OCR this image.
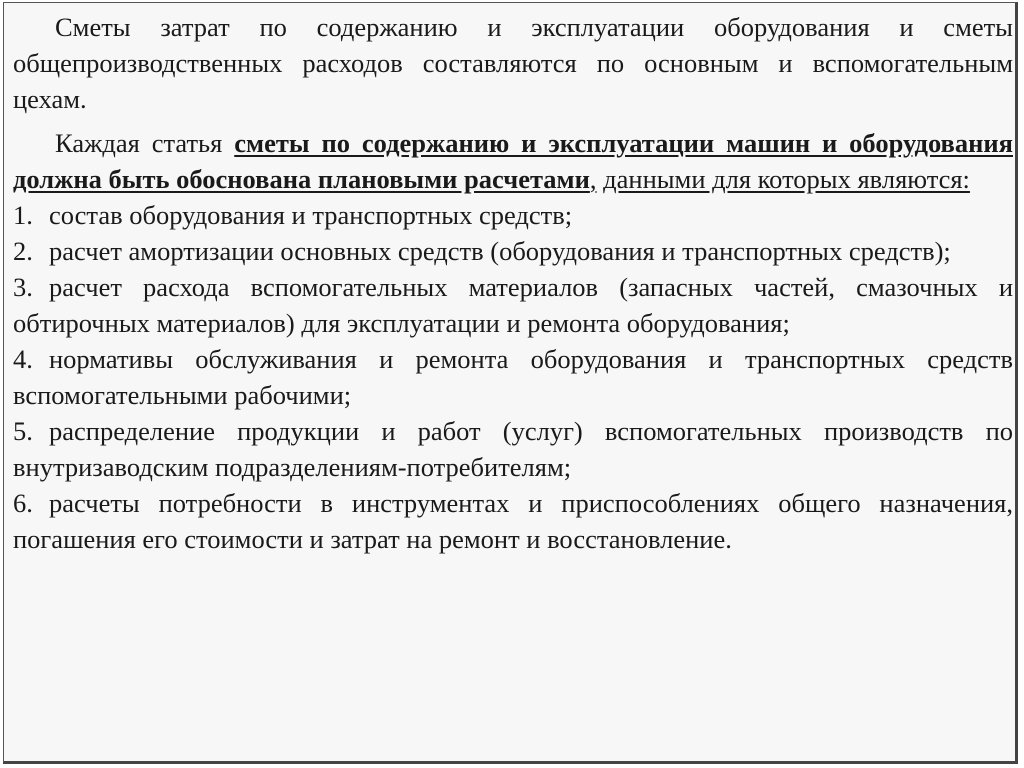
Сметы затрат по содержанию и эксплуатации оборудования и сметы общепроизводственных расходов составляются по основным и вспомогательным цехам.

Каждая статья сметы по содержанию и эксплуатации машин и оборудования должна быть обоснована плановыми расчетами, данными для которых являются:

1. состав оборудования и транспортных средств;
2. расчет амортизации основных средств (оборудования и транспортных средств);
3. расчет расхода вспомогательных материалов (запасных частей, смазочных и обтирочных материалов) для эксплуатации и ремонта оборудования;
4. нормативы обслуживания и ремонта оборудования и транспортных средств вспомогательными рабочими;
5. распределение продукции и работ (услуг) вспомогательных производств по внутризаводским подразделениям-потребителям;
6. расчеты потребности в инструментах и приспособлениях общего назначения, погашения его стоимости и затрат на ремонт и восстановление.
